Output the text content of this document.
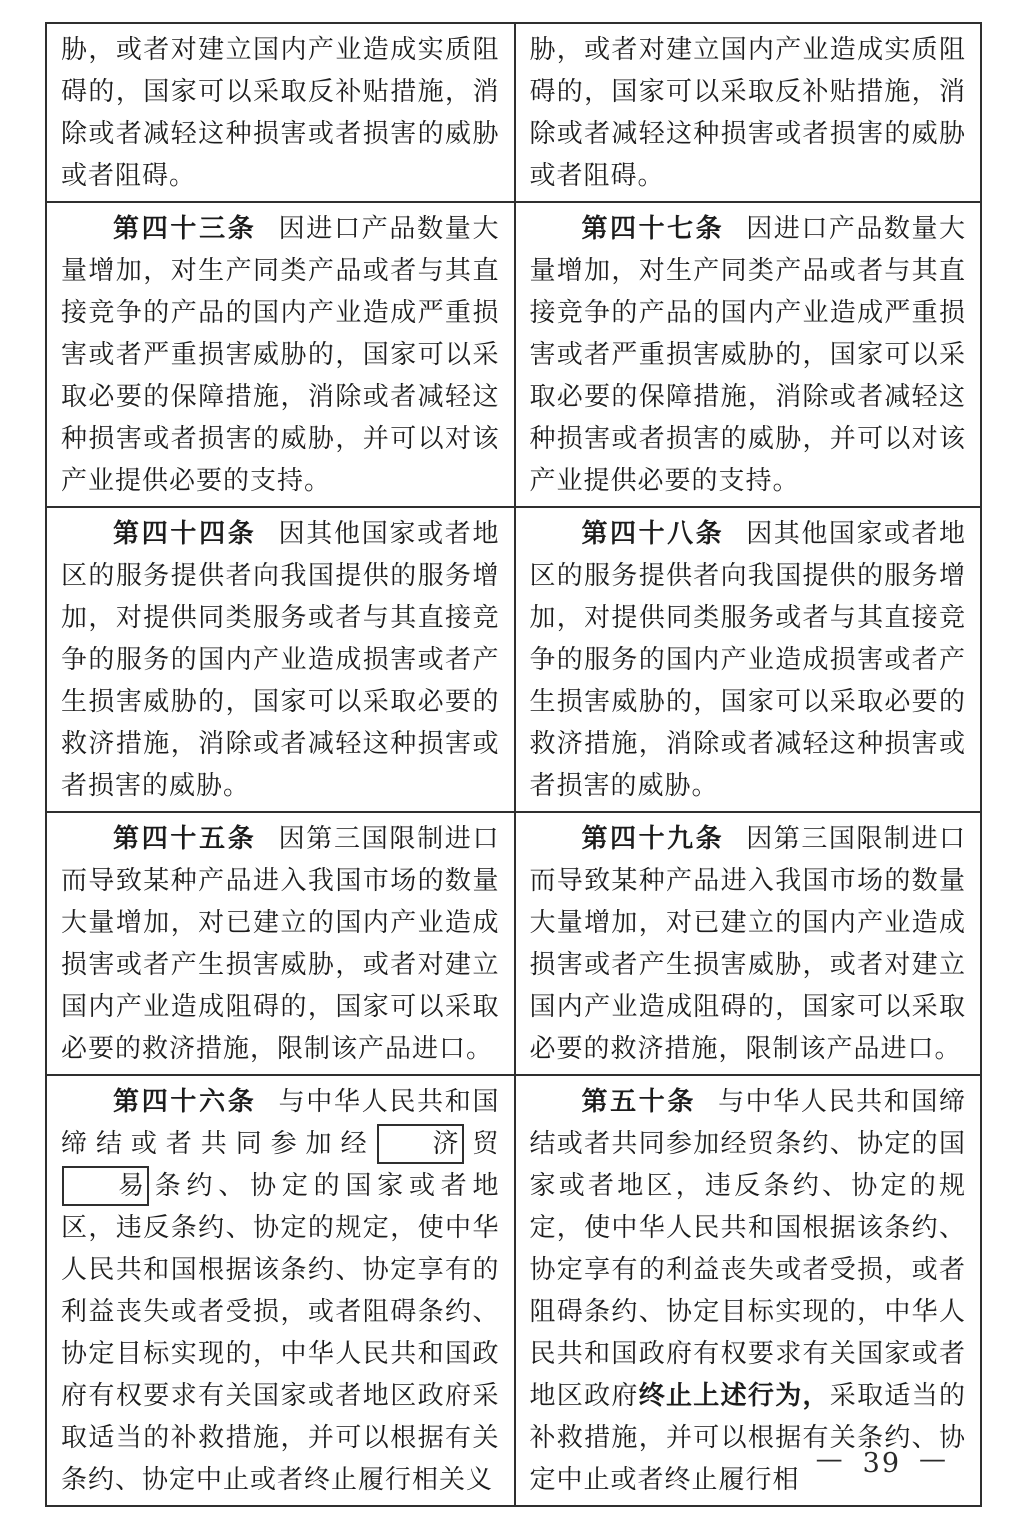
胁，或者对建立国内产业造成实质阻碍的，国家可以采取反补贴措施，消除或者减轻这种损害或者损害的威胁或者阻碍。

胁，或者对建立国内产业造成实质阻碍的，国家可以采取反补贴措施，消除或者减轻这种损害或者损害的威胁或者阻碍。

第四十三条 因进口产品数量大量增加，对生产同类产品或者与其直接竞争的产品的国内产业造成严重损害或者严重损害威胁的，国家可以采取必要的保障措施，消除或者减轻这种损害或者损害的威胁，并可以对该产业提供必要的支持。

第四十七条 因进口产品数量大量增加，对生产同类产品或者与其直接竞争的产品的国内产业造成严重损害或者严重损害威胁的，国家可以采取必要的保障措施，消除或者减轻这种损害或者损害的威胁，并可以对该产业提供必要的支持。

第四十四条 因其他国家或者地区的服务提供者向我国提供的服务增加，对提供同类服务或者与其直接竞争的服务的国内产业造成损害或者产生损害威胁的，国家可以采取必要的救济措施，消除或者减轻这种损害或者损害的威胁。

第四十八条 因其他国家或者地区的服务提供者向我国提供的服务增加，对提供同类服务或者与其直接竞争的服务的国内产业造成损害或者产生损害威胁的，国家可以采取必要的救济措施，消除或者减轻这种损害或者损害的威胁。

第四十五条 因第三国限制进口而导致某种产品进入我国市场的数量大量增加，对已建立的国内产业造成损害或者产生损害威胁，或者对建立国内产业造成阻碍的，国家可以采取必要的救济措施，限制该产品进口。

第四十九条 因第三国限制进口而导致某种产品进入我国市场的数量大量增加，对已建立的国内产业造成损害或者产生损害威胁，或者对建立国内产业造成阻碍的，国家可以采取必要的救济措施，限制该产品进口。

第四十六条 与中华人民共和国缔结或者共同参加经 济 贸易 条约、协定的国家或者地区，违反条约、协定的规定，使中华人民共和国根据该条约、协定享有的利益丧失或者受损，或者阻碍条约、协定目标实现的，中华人民共和国政府有权要求有关国家或者地区政府采取适当的补救措施，并可以根据有关条约、协定中止或者终止履行相关义

第五十条 与中华人民共和国缔结或者共同参加经贸条约、协定的国家或者地区，违反条约、协定的规定，使中华人民共和国根据该条约、协定享有的利益丧失或者受损，或者阻碍条约、协定目标实现的，中华人民共和国政府有权要求有关国家或者地区政府终止上述行为，采取适当的补救措施，并可以根据有关条约、协定中止或者终止履行相

— 39 —
